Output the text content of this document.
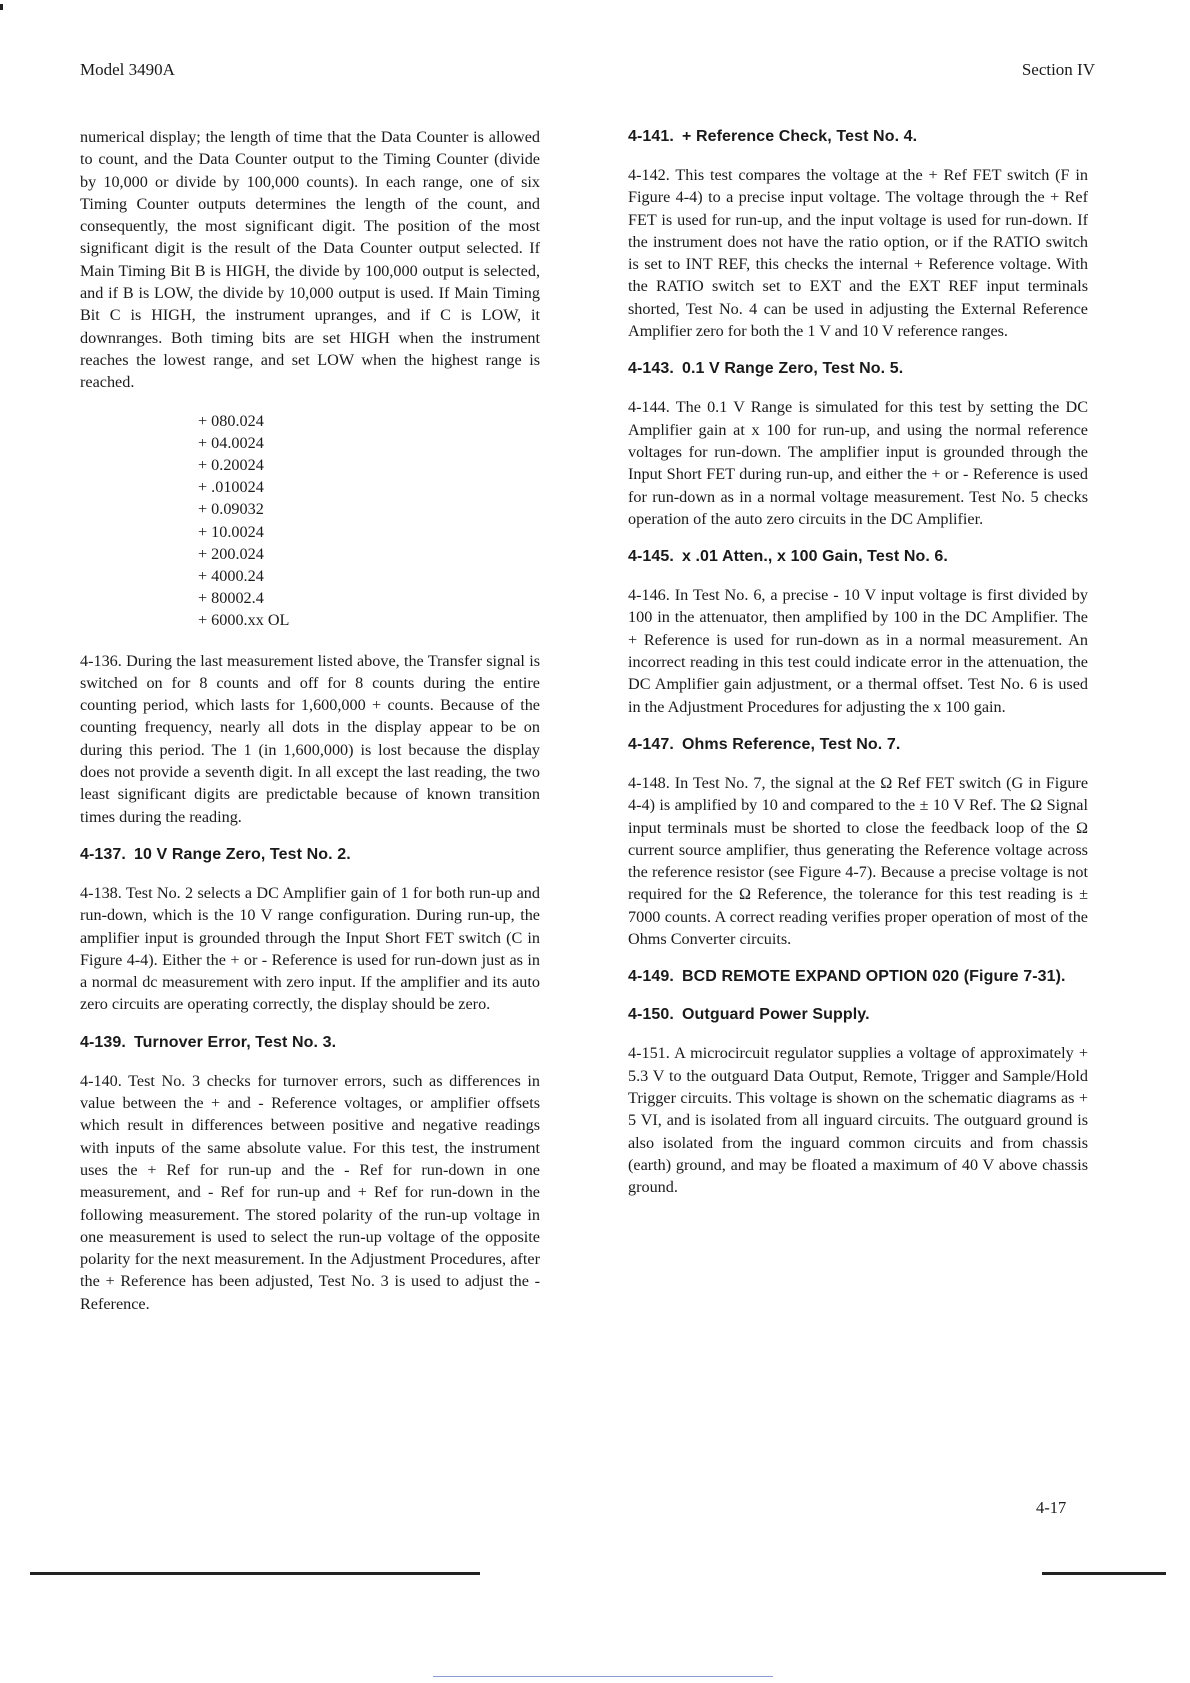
Model 3490A	Section IV

numerical display; the length of time that the Data Counter is allowed to count, and the Data Counter output to the Timing Counter (divide by 10,000 or divide by 100,000 counts). In each range, one of six Timing Counter outputs determines the length of the count, and consequently, the most significant digit. The position of the most significant digit is the result of the Data Counter output selected. If Main Timing Bit B is HIGH, the divide by 100,000 output is selected, and if B is LOW, the divide by 10,000 output is used. If Main Timing Bit C is HIGH, the instrument upranges, and if C is LOW, it downranges. Both timing bits are set HIGH when the instrument reaches the lowest range, and set LOW when the highest range is reached.

+ 080.024
+ 04.0024
+ 0.20024
+ .010024
+ 0.09032
+ 10.0024
+ 200.024
+ 4000.24
+ 80002.4
+ 6000.xx OL

4-136. During the last measurement listed above, the Transfer signal is switched on for 8 counts and off for 8 counts during the entire counting period, which lasts for 1,600,000 + counts. Because of the counting frequency, nearly all dots in the display appear to be on during this period. The 1 (in 1,600,000) is lost because the display does not provide a seventh digit. In all except the last reading, the two least significant digits are predictable because of known transition times during the reading.

4-137. 10 V Range Zero, Test No. 2.

4-138. Test No. 2 selects a DC Amplifier gain of 1 for both run-up and run-down, which is the 10 V range configuration. During run-up, the amplifier input is grounded through the Input Short FET switch (C in Figure 4-4). Either the + or - Reference is used for run-down just as in a normal dc measurement with zero input. If the amplifier and its auto zero circuits are operating correctly, the display should be zero.

4-139. Turnover Error, Test No. 3.

4-140. Test No. 3 checks for turnover errors, such as differences in value between the + and - Reference voltages, or amplifier offsets which result in differences between positive and negative readings with inputs of the same absolute value. For this test, the instrument uses the + Ref for run-up and the - Ref for run-down in one measurement, and - Ref for run-up and + Ref for run-down in the following measurement. The stored polarity of the run-up voltage in one measurement is used to select the run-up voltage of the opposite polarity for the next measurement. In the Adjustment Procedures, after the + Reference has been adjusted, Test No. 3 is used to adjust the - Reference.

4-141. + Reference Check, Test No. 4.

4-142. This test compares the voltage at the + Ref FET switch (F in Figure 4-4) to a precise input voltage. The voltage through the + Ref FET is used for run-up, and the input voltage is used for run-down. If the instrument does not have the ratio option, or if the RATIO switch is set to INT REF, this checks the internal + Reference voltage. With the RATIO switch set to EXT and the EXT REF input terminals shorted, Test No. 4 can be used in adjusting the External Reference Amplifier zero for both the 1 V and 10 V reference ranges.

4-143. 0.1 V Range Zero, Test No. 5.

4-144. The 0.1 V Range is simulated for this test by setting the DC Amplifier gain at x 100 for run-up, and using the normal reference voltages for run-down. The amplifier input is grounded through the Input Short FET during run-up, and either the + or - Reference is used for run-down as in a normal voltage measurement. Test No. 5 checks operation of the auto zero circuits in the DC Amplifier.

4-145. x .01 Atten., x 100 Gain, Test No. 6.

4-146. In Test No. 6, a precise - 10 V input voltage is first divided by 100 in the attenuator, then amplified by 100 in the DC Amplifier. The + Reference is used for run-down as in a normal measurement. An incorrect reading in this test could indicate error in the attenuation, the DC Amplifier gain adjustment, or a thermal offset. Test No. 6 is used in the Adjustment Procedures for adjusting the x 100 gain.

4-147. Ohms Reference, Test No. 7.

4-148. In Test No. 7, the signal at the Ω Ref FET switch (G in Figure 4-4) is amplified by 10 and compared to the ± 10 V Ref. The Ω Signal input terminals must be shorted to close the feedback loop of the Ω current source amplifier, thus generating the Reference voltage across the reference resistor (see Figure 4-7). Because a precise voltage is not required for the Ω Reference, the tolerance for this test reading is ± 7000 counts. A correct reading verifies proper operation of most of the Ohms Converter circuits.

4-149. BCD REMOTE EXPAND OPTION 020 (Figure 7-31).
4-150. Outguard Power Supply.

4-151. A microcircuit regulator supplies a voltage of approximately + 5.3 V to the outguard Data Output, Remote, Trigger and Sample/Hold Trigger circuits. This voltage is shown on the schematic diagrams as + 5 VI, and is isolated from all inguard circuits. The outguard ground is also isolated from the inguard common circuits and from chassis (earth) ground, and may be floated a maximum of 40 V above chassis ground.

4-17
